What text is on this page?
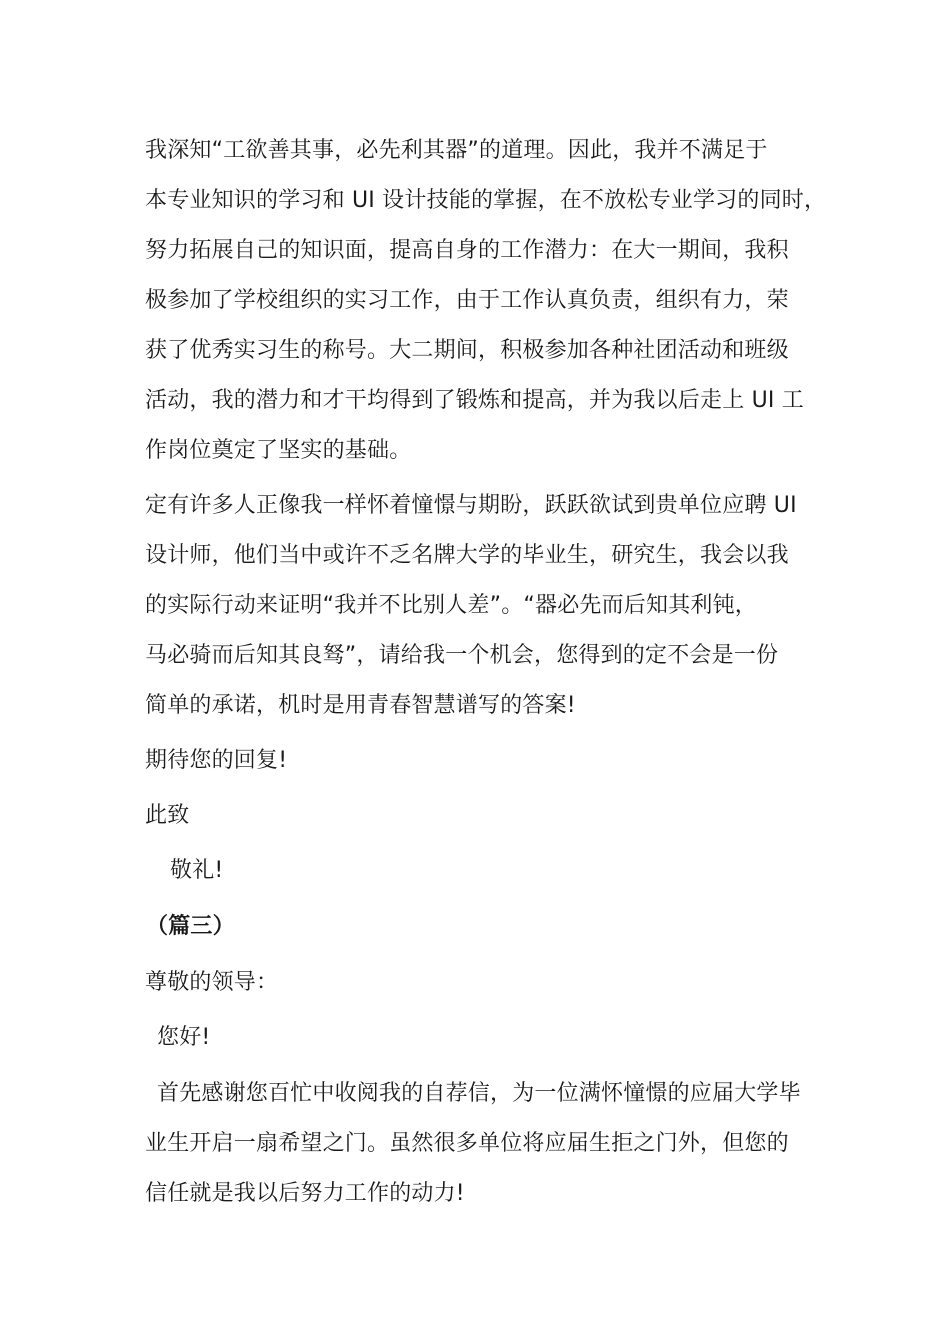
我深知“工欲善其事，必先利其器”的道理。因此，我并不满足于
本专业知识的学习和 UI 设计技能的掌握，在不放松专业学习的同时，
努力拓展自己的知识面，提高自身的工作潜力：在大一期间，我积
极参加了学校组织的实习工作，由于工作认真负责，组织有力，荣
获了优秀实习生的称号。大二期间，积极参加各种社团活动和班级
活动，我的潜力和才干均得到了锻炼和提高，并为我以后走上 UI 工
作岗位奠定了坚实的基础。
定有许多人正像我一样怀着憧憬与期盼，跃跃欲试到贵单位应聘 UI
设计师，他们当中或许不乏名牌大学的毕业生，研究生，我会以我
的实际行动来证明“我并不比别人差”。“器必先而后知其利钝，
马必骑而后知其良驽”，请给我一个机会，您得到的定不会是一份
简单的承诺，机时是用青春智慧谱写的答案!
期待您的回复!
此致
敬礼!
（篇三）
尊敬的领导：
您好!
首先感谢您百忙中收阅我的自荐信，为一位满怀憧憬的应届大学毕
业生开启一扇希望之门。虽然很多单位将应届生拒之门外，但您的
信任就是我以后努力工作的动力!
